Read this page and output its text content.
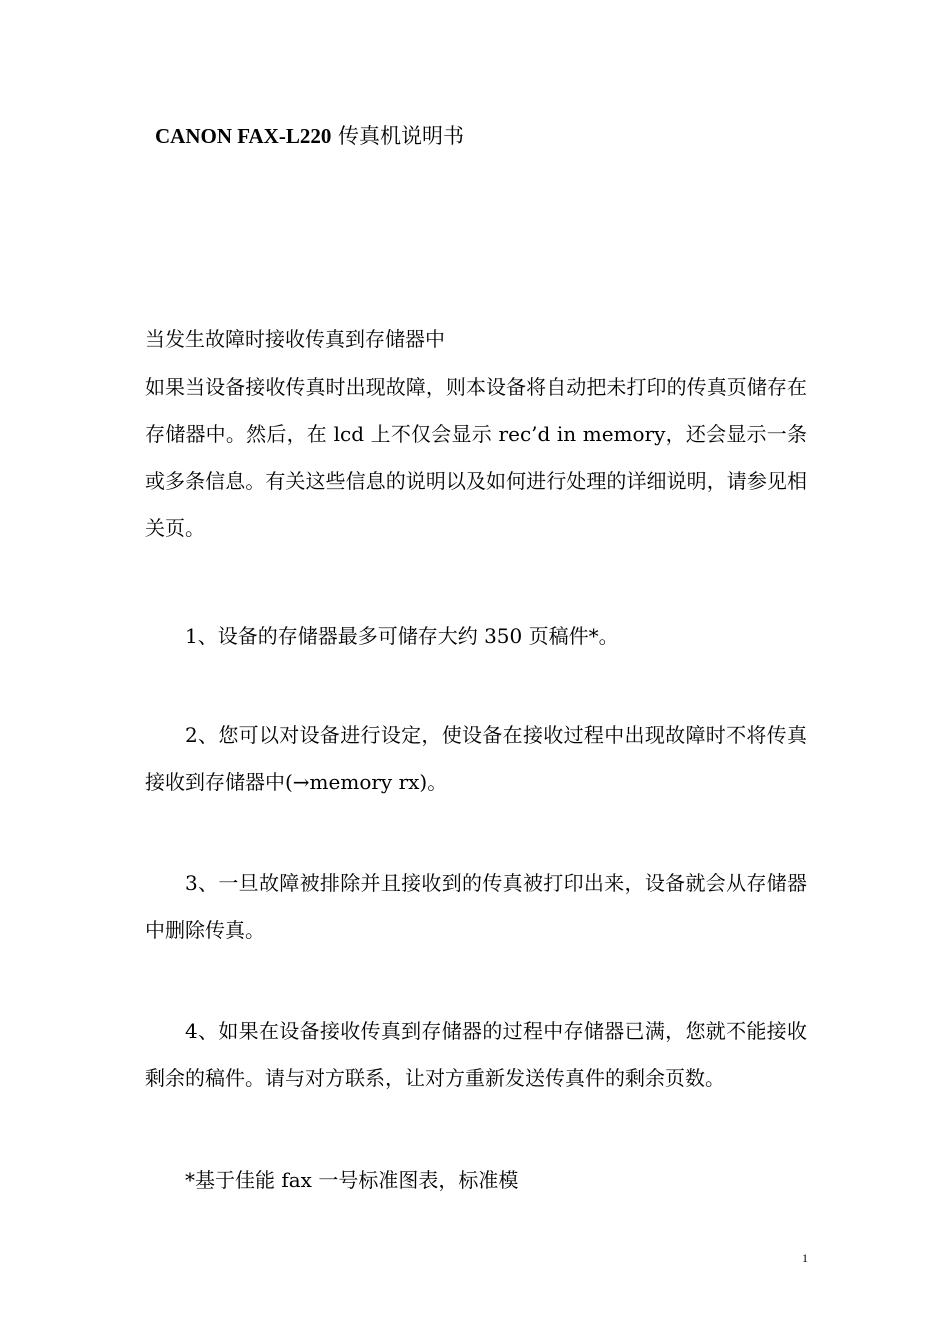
CANON FAX-L220 传真机说明书
当发生故障时接收传真到存储器中
如果当设备接收传真时出现故障，则本设备将自动把未打印的传真页储存在存储器中。然后，在 lcd 上不仅会显示 rec’d in memory，还会显示一条或多条信息。有关这些信息的说明以及如何进行处理的详细说明，请参见相关页。
1、设备的存储器最多可储存大约 350 页稿件*。
2、您可以对设备进行设定，使设备在接收过程中出现故障时不将传真接收到存储器中(→memory rx)。
3、一旦故障被排除并且接收到的传真被打印出来，设备就会从存储器中删除传真。
4、如果在设备接收传真到存储器的过程中存储器已满，您就不能接收剩余的稿件。请与对方联系，让对方重新发送传真件的剩余页数。
*基于佳能 fax 一号标准图表，标准模
1
